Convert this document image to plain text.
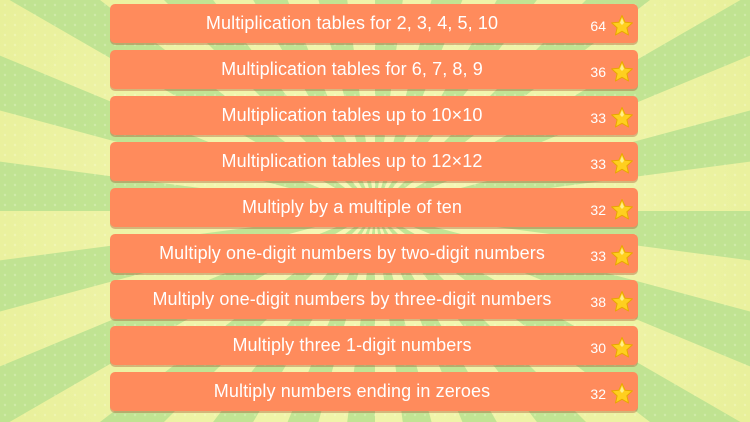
Multiplication tables for 2, 3, 4, 5, 10	64
Multiplication tables for 6, 7, 8, 9	36
Multiplication tables up to 10×10	33
Multiplication tables up to 12×12	33
Multiply by a multiple of ten	32
Multiply one-digit numbers by two-digit numbers	33
Multiply one-digit numbers by three-digit numbers	38
Multiply three 1-digit numbers	30
Multiply numbers ending in zeroes	32
